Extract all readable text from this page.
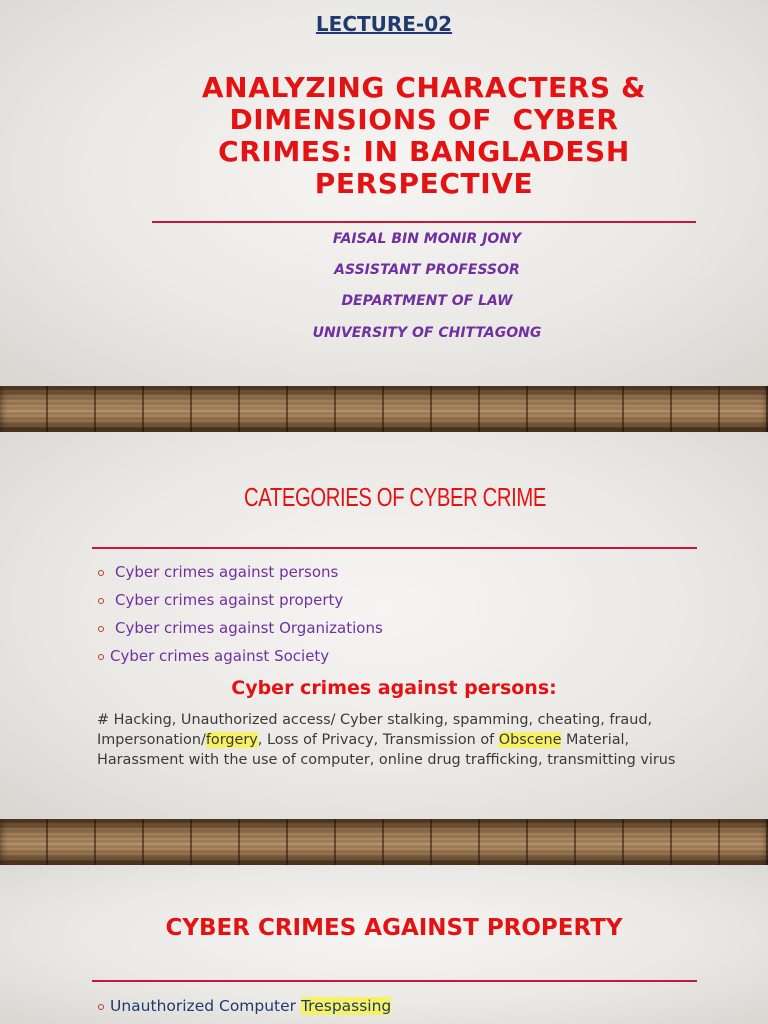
LECTURE-02
ANALYZING CHARACTERS &
DIMENSIONS OF  CYBER
CRIMES: IN BANGLADESH
PERSPECTIVE
FAISAL BIN MONIR JONY
ASSISTANT PROFESSOR
DEPARTMENT OF LAW
UNIVERSITY OF CHITTAGONG
CATEGORIES OF CYBER CRIME
Cyber crimes against persons
Cyber crimes against property
Cyber crimes against Organizations
Cyber crimes against Society
Cyber crimes against persons:
# Hacking, Unauthorized access/ Cyber stalking, spamming, cheating, fraud, Impersonation/forgery, Loss of Privacy, Transmission of Obscene Material, Harassment with the use of computer, online drug trafficking, transmitting virus
CYBER CRIMES AGAINST PROPERTY
Unauthorized Computer Trespassing
